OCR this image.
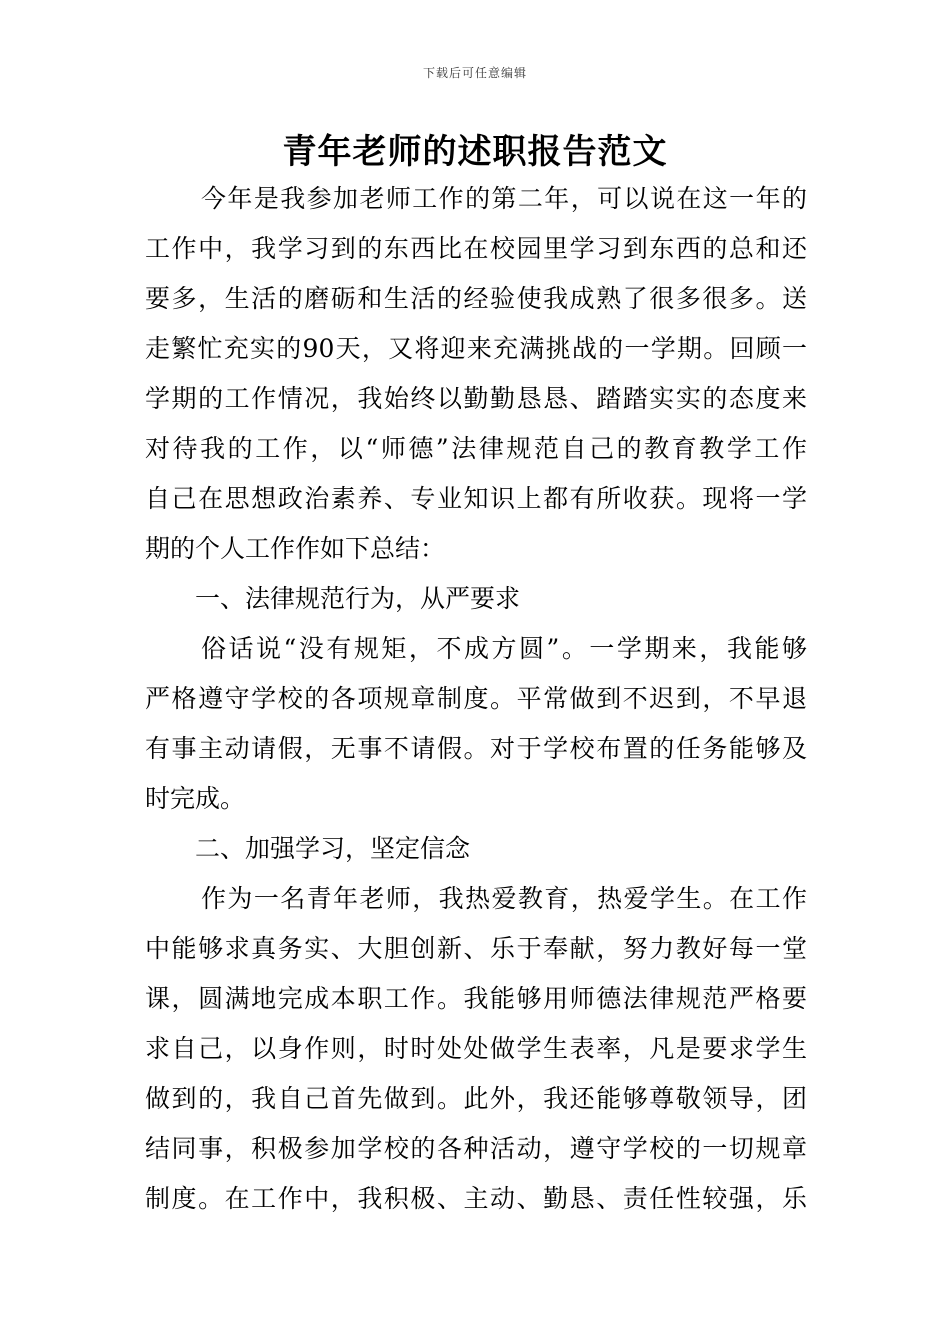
下载后可任意编辑
青年老师的述职报告范文
今年是我参加老师工作的第二年，可以说在这一年的
工作中，我学习到的东西比在校园里学习到东西的总和还
要多，生活的磨砺和生活的经验使我成熟了很多很多。送
走繁忙充实的90天，又将迎来充满挑战的一学期。回顾一
学期的工作情况，我始终以勤勤恳恳、踏踏实实的态度来
对待我的工作，以“师德”法律规范自己的教育教学工作
自己在思想政治素养、专业知识上都有所收获。现将一学
期的个人工作作如下总结：
一、法律规范行为，从严要求
俗话说“没有规矩，不成方圆”。一学期来，我能够
严格遵守学校的各项规章制度。平常做到不迟到，不早退
有事主动请假，无事不请假。对于学校布置的任务能够及
时完成。
二、加强学习，坚定信念
作为一名青年老师，我热爱教育，热爱学生。在工作
中能够求真务实、大胆创新、乐于奉献，努力教好每一堂
课，圆满地完成本职工作。我能够用师德法律规范严格要
求自己，以身作则，时时处处做学生表率，凡是要求学生
做到的，我自己首先做到。此外，我还能够尊敬领导，团
结同事，积极参加学校的各种活动，遵守学校的一切规章
制度。在工作中，我积极、主动、勤恳、责任性较强，乐
